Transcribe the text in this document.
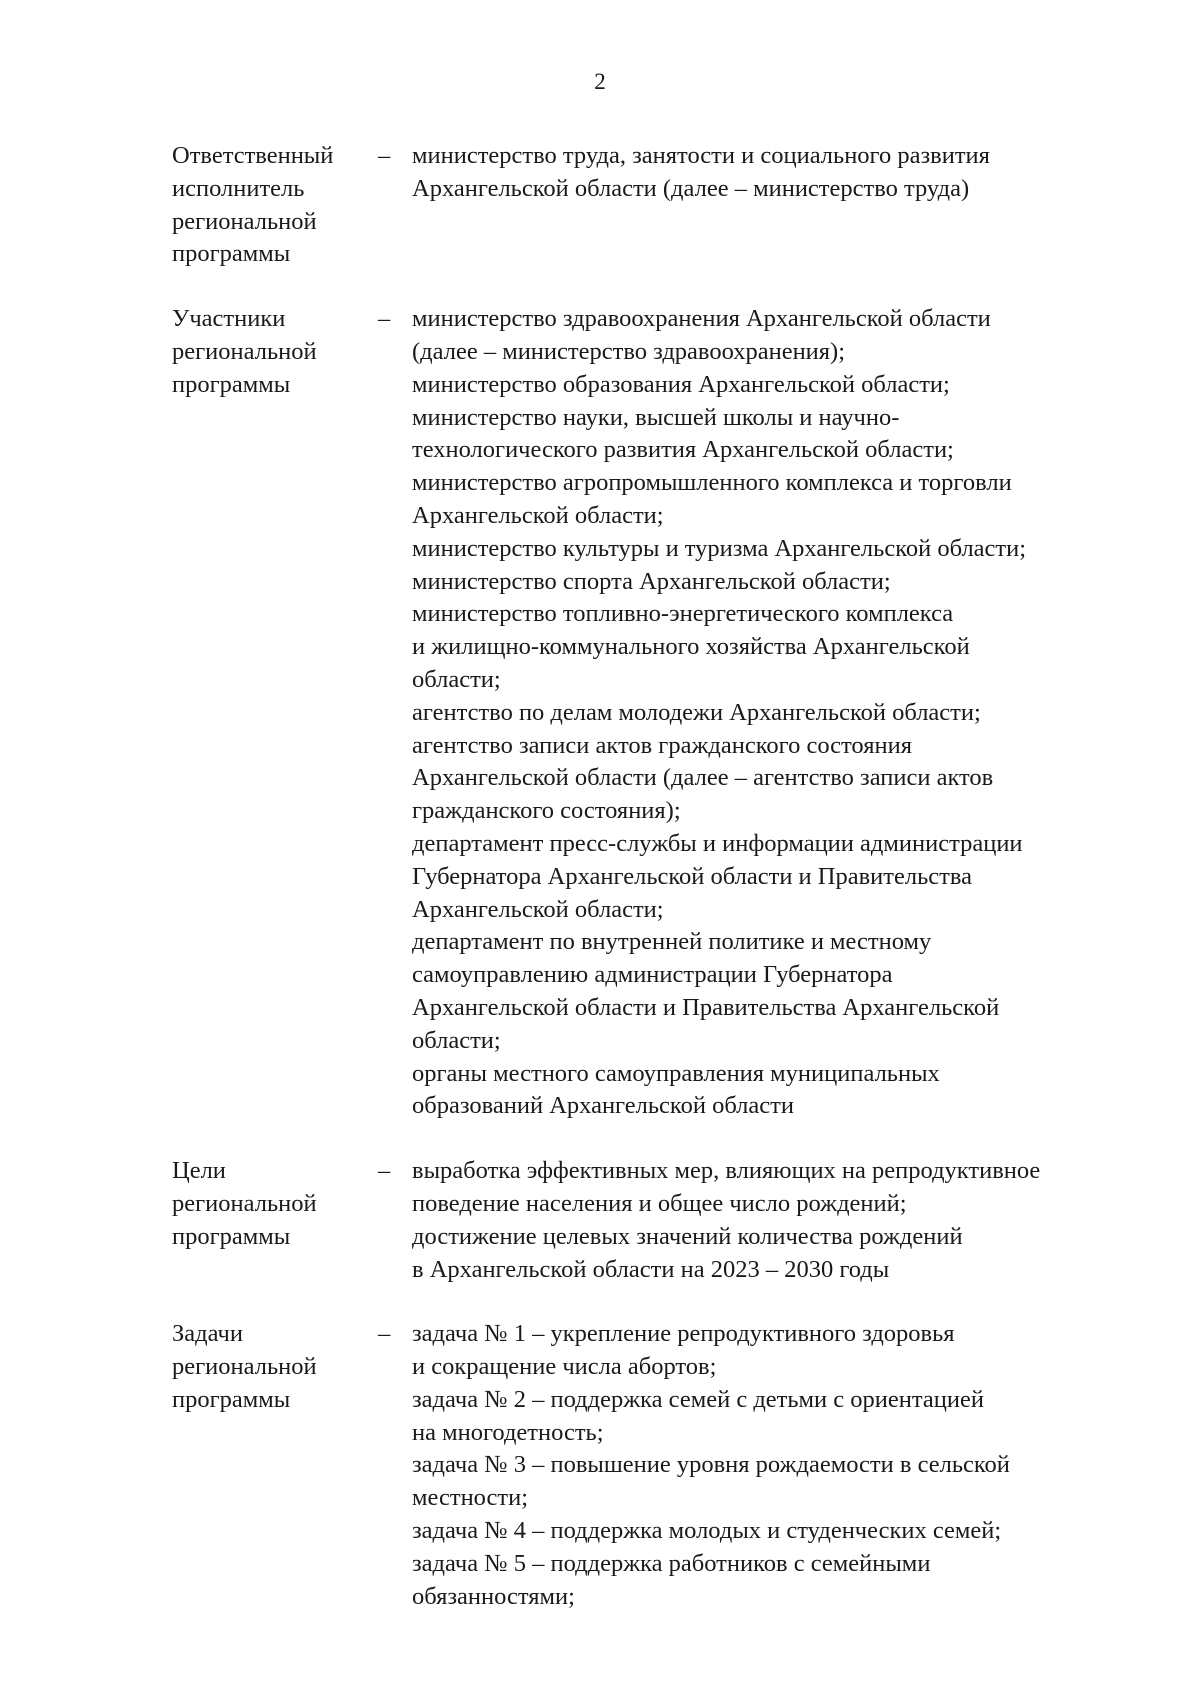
2
Ответственный
исполнитель
региональной
программы
– министерство труда, занятости и социального развития
Архангельской области (далее – министерство труда)
Участники
региональной
программы
– министерство здравоохранения Архангельской области
(далее – министерство здравоохранения);
министерство образования Архангельской области;
министерство науки, высшей школы и научно-
технологического развития Архангельской области;
министерство агропромышленного комплекса и торговли
Архангельской области;
министерство культуры и туризма Архангельской области;
министерство спорта Архангельской области;
министерство топливно-энергетического комплекса
и жилищно-коммунального хозяйства Архангельской
области;
агентство по делам молодежи Архангельской области;
агентство записи актов гражданского состояния
Архангельской области (далее – агентство записи актов
гражданского состояния);
департамент пресс-службы и информации администрации
Губернатора Архангельской области и Правительства
Архангельской области;
департамент по внутренней политике и местному
самоуправлению администрации Губернатора
Архангельской области и Правительства Архангельской
области;
органы местного самоуправления муниципальных
образований Архангельской области
Цели
региональной
программы
– выработка эффективных мер, влияющих на репродуктивное
поведение населения и общее число рождений;
достижение целевых значений количества рождений
в Архангельской области на 2023 – 2030 годы
Задачи
региональной
программы
– задача № 1 – укрепление репродуктивного здоровья
и сокращение числа абортов;
задача № 2 – поддержка семей с детьми с ориентацией
на многодетность;
задача № 3 – повышение уровня рождаемости в сельской
местности;
задача № 4 – поддержка молодых и студенческих семей;
задача № 5 – поддержка работников с семейными
обязанностями;
